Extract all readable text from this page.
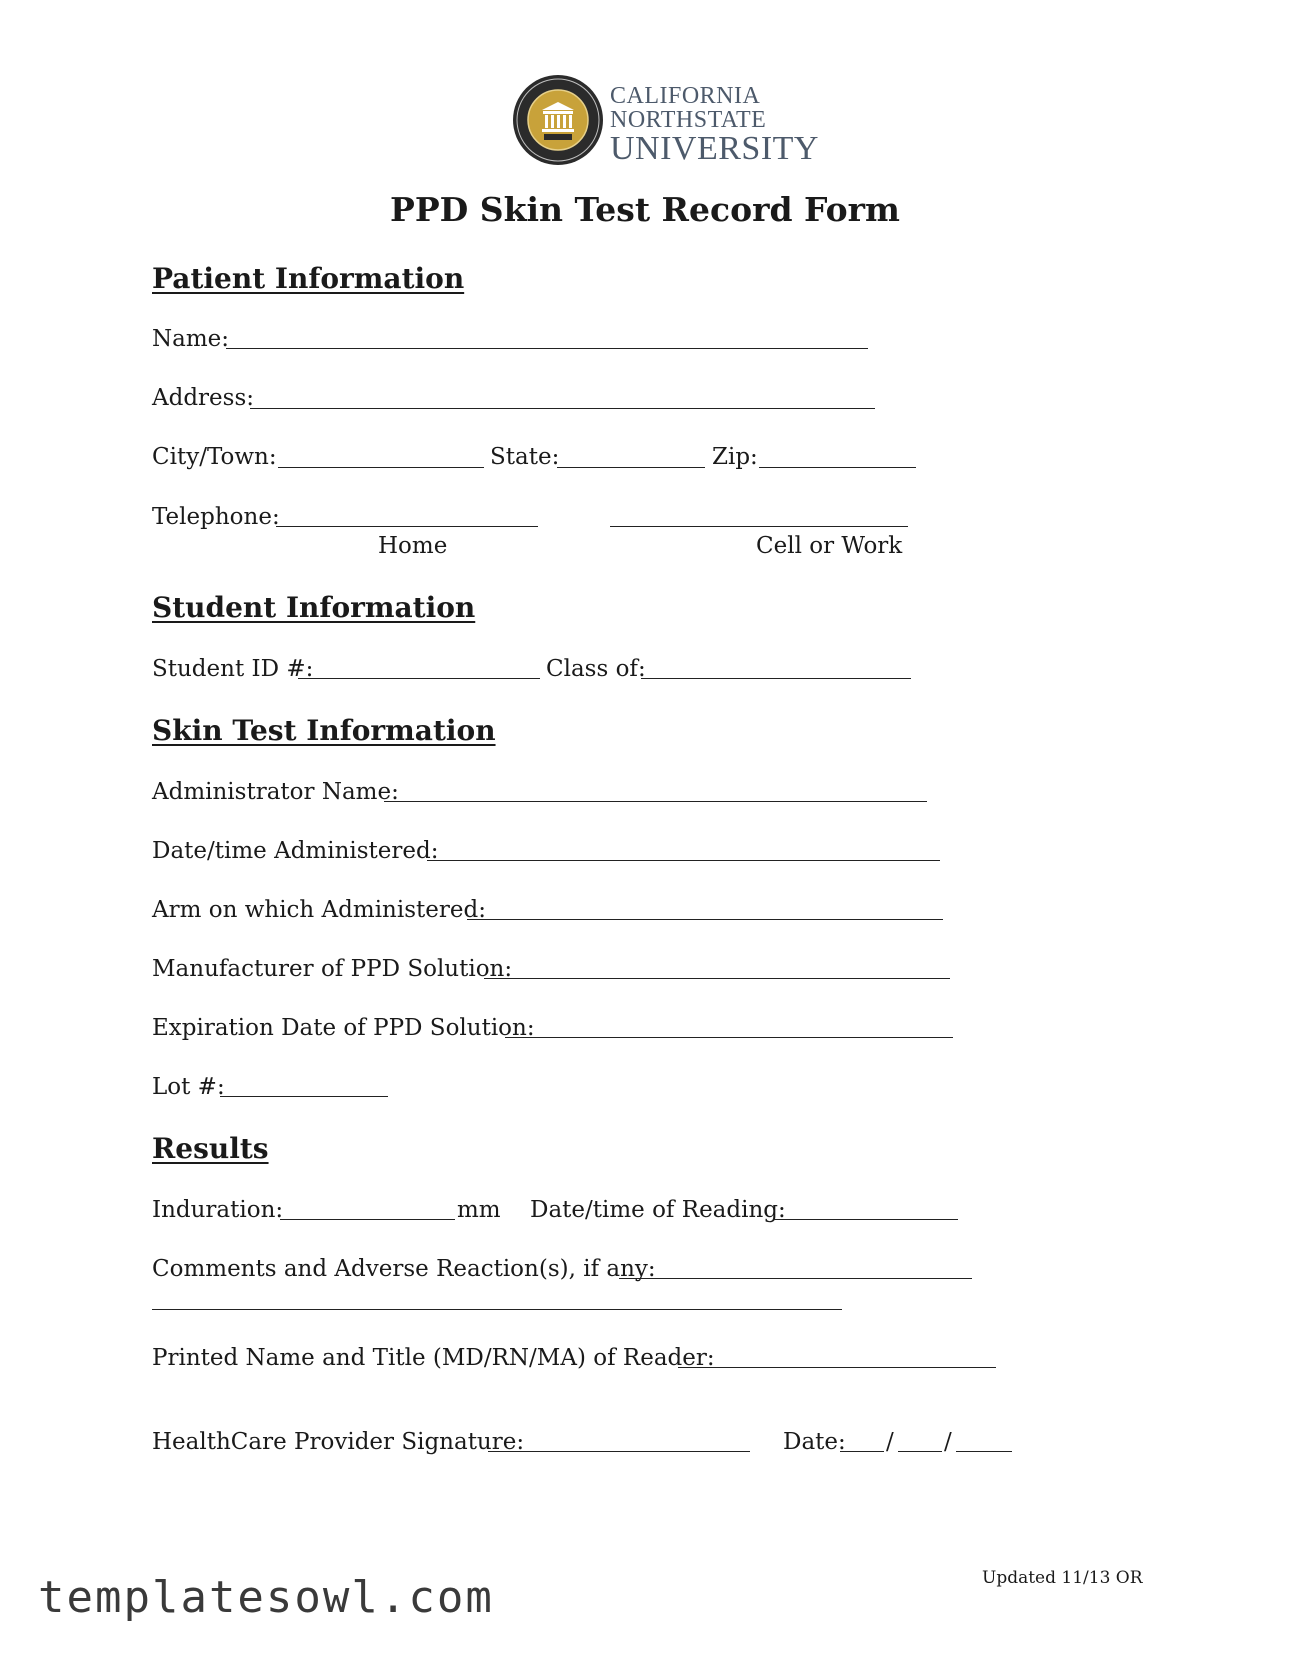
CALIFORNIA
NORTHSTATE
UNIVERSITY
PPD Skin Test Record Form
Patient Information
Name:
Address:
City/Town:	State:	Zip:
Telephone:
Home	Cell or Work
Student Information
Student ID #:	Class of:
Skin Test Information
Administrator Name:
Date/time Administered:
Arm on which Administered:
Manufacturer of PPD Solution:
Expiration Date of PPD Solution:
Lot #:
Results
Induration:	mm Date/time of Reading:
Comments and Adverse Reaction(s), if any:
Printed Name and Title (MD/RN/MA) of Reader:
HealthCare Provider Signature:	Date: / /
Updated 11/13 OR
templatesowl.com
